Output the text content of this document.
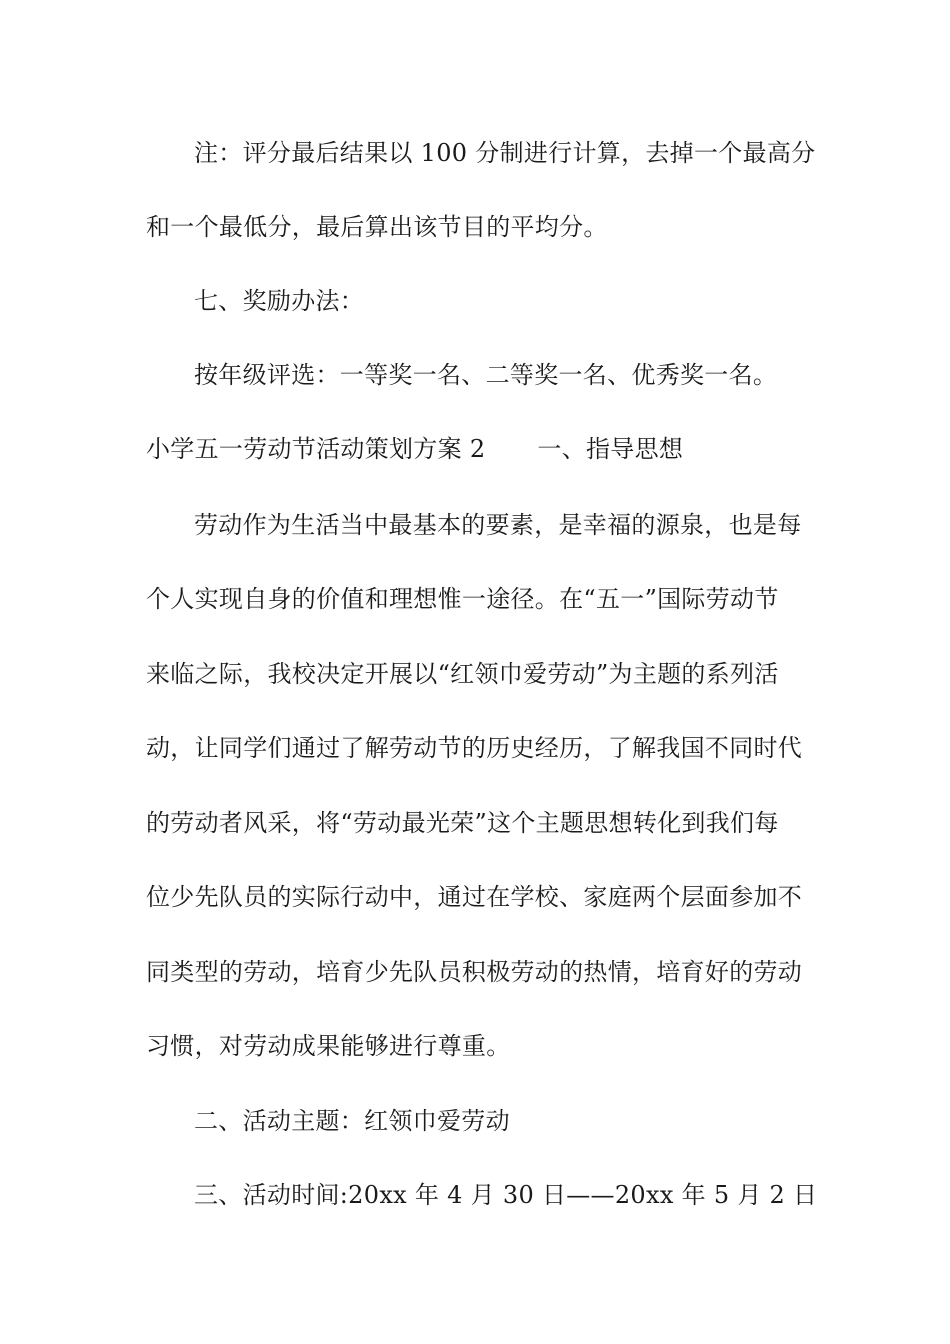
注：评分最后结果以 100 分制进行计算，去掉一个最高分
和一个最低分，最后算出该节目的平均分。
七、奖励办法：
按年级评选：一等奖一名、二等奖一名、优秀奖一名。
小学五一劳动节活动策划方案 2 一、指导思想
劳动作为生活当中最基本的要素，是幸福的源泉，也是每
个人实现自身的价值和理想惟一途径。在“五一”国际劳动节
来临之际，我校决定开展以“红领巾爱劳动”为主题的系列活
动，让同学们通过了解劳动节的历史经历，了解我国不同时代
的劳动者风采，将“劳动最光荣”这个主题思想转化到我们每
位少先队员的实际行动中，通过在学校、家庭两个层面参加不
同类型的劳动，培育少先队员积极劳动的热情，培育好的劳动
习惯，对劳动成果能够进行尊重。
二、活动主题：红领巾爱劳动
三、活动时间:20xx 年 4 月 30 日——20xx 年 5 月 2 日
